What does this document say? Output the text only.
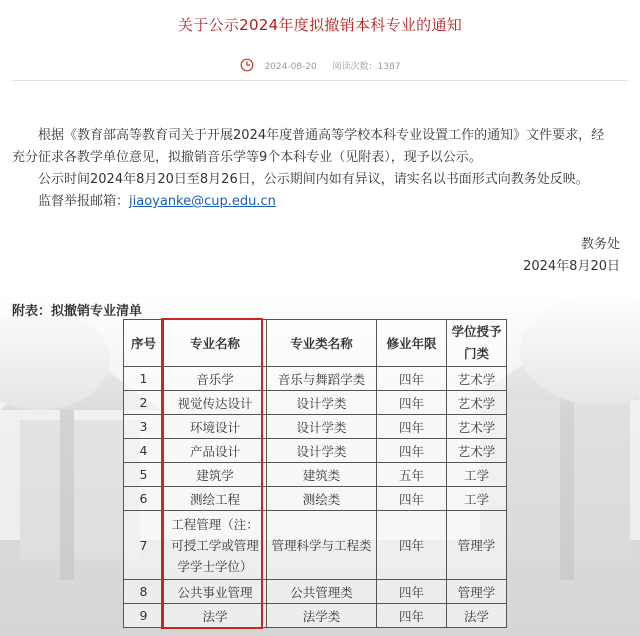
关于公示2024年度拟撤销本科专业的通知
2024-08-20 阅读次数：1387

根据《教育部高等教育司关于开展2024年度普通高等学校本科专业设置工作的通知》文件要求，经充分征求各教学单位意见，拟撤销音乐学等9个本科专业（见附表），现予以公示。

公示时间2024年8月20日至8月26日，公示期间内如有异议，请实名以书面形式向教务处反映。

监督举报邮箱：jiaoyanke@cup.edu.cn

教务处
2024年8月20日
附表：拟撤销专业清单
序号	专业名称	专业类名称	修业年限	学位授予门类
1	音乐学	音乐与舞蹈学类	四年	艺术学
2	视觉传达设计	设计学类	四年	艺术学
3	环境设计	设计学类	四年	艺术学
4	产品设计	设计学类	四年	艺术学
5	建筑学	建筑类	五年	工学
6	测绘工程	测绘类	四年	工学
7	工程管理（注：可授工学或管理学学士学位）	管理科学与工程类	四年	管理学
8	公共事业管理	公共管理类	四年	管理学
9	法学	法学类	四年	法学
